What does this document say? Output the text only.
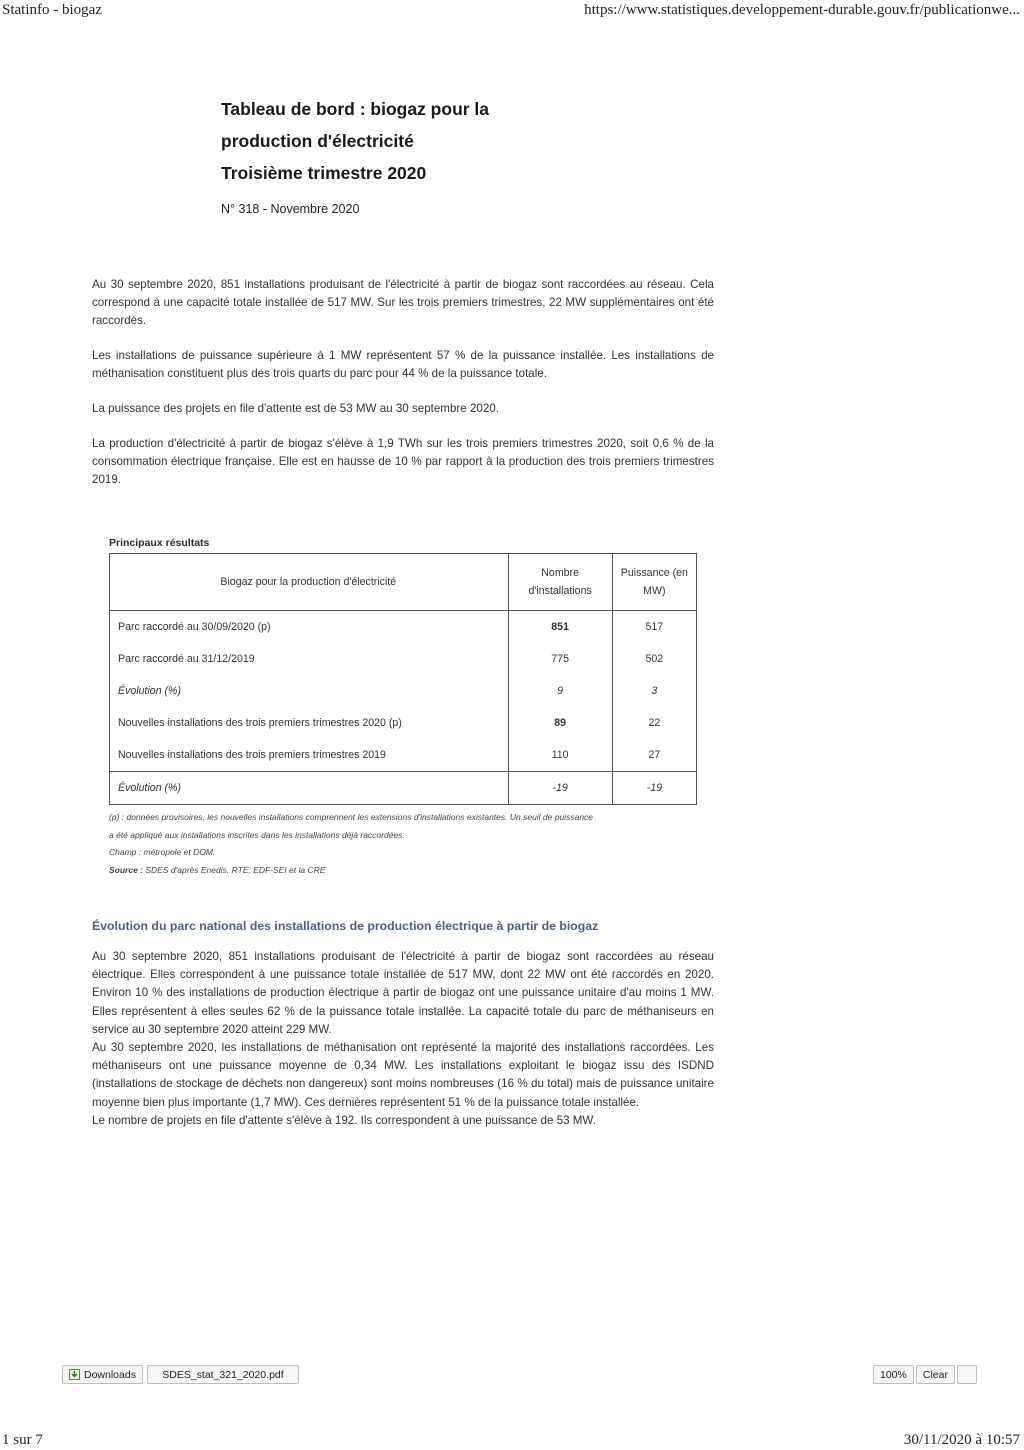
Statinfo - biogaz	https://www.statistiques.developpement-durable.gouv.fr/publicationwe...
Tableau de bord : biogaz pour la
production d'électricité
Troisième trimestre 2020
N° 318 - Novembre 2020

Au 30 septembre 2020, 851 installations produisant de l'électricité à partir de biogaz sont raccordées au réseau. Cela correspond à une capacité totale installée de 517 MW. Sur les trois premiers trimestres, 22 MW supplémentaires ont été raccordés.

Les installations de puissance supérieure à 1 MW représentent 57 % de la puissance installée. Les installations de méthanisation constituent plus des trois quarts du parc pour 44 % de la puissance totale.

La puissance des projets en file d'attente est de 53 MW au 30 septembre 2020.

La production d'électricité à partir de biogaz s'élève à 1,9 TWh sur les trois premiers trimestres 2020, soit 0,6 % de la consommation électrique française. Elle est en hausse de 10 % par rapport à la production des trois premiers trimestres 2019.

Principaux résultats
Biogaz pour la production d'électricité	Nombre d'installations	Puissance (en MW)
Parc raccordé au 30/09/2020 (p)	851	517
Parc raccordé au 31/12/2019	775	502
Évolution (%)	9	3
Nouvelles installations des trois premiers trimestres 2020 (p)	89	22
Nouvelles installations des trois premiers trimestres 2019	110	27
Évolution (%)	-19	-19
(p) : données provisoires, les nouvelles installations comprennent les extensions d'installations existantes. Un seuil de puissance
a été appliqué aux installations inscrites dans les installations déjà raccordées.
Champ : métropole et DOM.
Source : SDES d'après Enedis, RTE, EDF-SEI et la CRE
Évolution du parc national des installations de production électrique à partir de biogaz

Au 30 septembre 2020, 851 installations produisant de l'électricité à partir de biogaz sont raccordées au réseau électrique. Elles correspondent à une puissance totale installée de 517 MW, dont 22 MW ont été raccordés en 2020. Environ 10 % des installations de production électrique à partir de biogaz ont une puissance unitaire d'au moins 1 MW. Elles représentent à elles seules 62 % de la puissance totale installée. La capacité totale du parc de méthaniseurs en service au 30 septembre 2020 atteint 229 MW.

Au 30 septembre 2020, les installations de méthanisation ont représenté la majorité des installations raccordées. Les méthaniseurs ont une puissance moyenne de 0,34 MW. Les installations exploitant le biogaz issu des ISDND (installations de stockage de déchets non dangereux) sont moins nombreuses (16 % du total) mais de puissance unitaire moyenne bien plus importante (1,7 MW). Ces dernières représentent 51 % de la puissance totale installée.

Le nombre de projets en file d'attente s'élève à 192. Ils correspondent à une puissance de 53 MW.

Downloads	SDES_stat_321_2020.pdf	100% Clear
1 sur 7	30/11/2020 à 10:57
